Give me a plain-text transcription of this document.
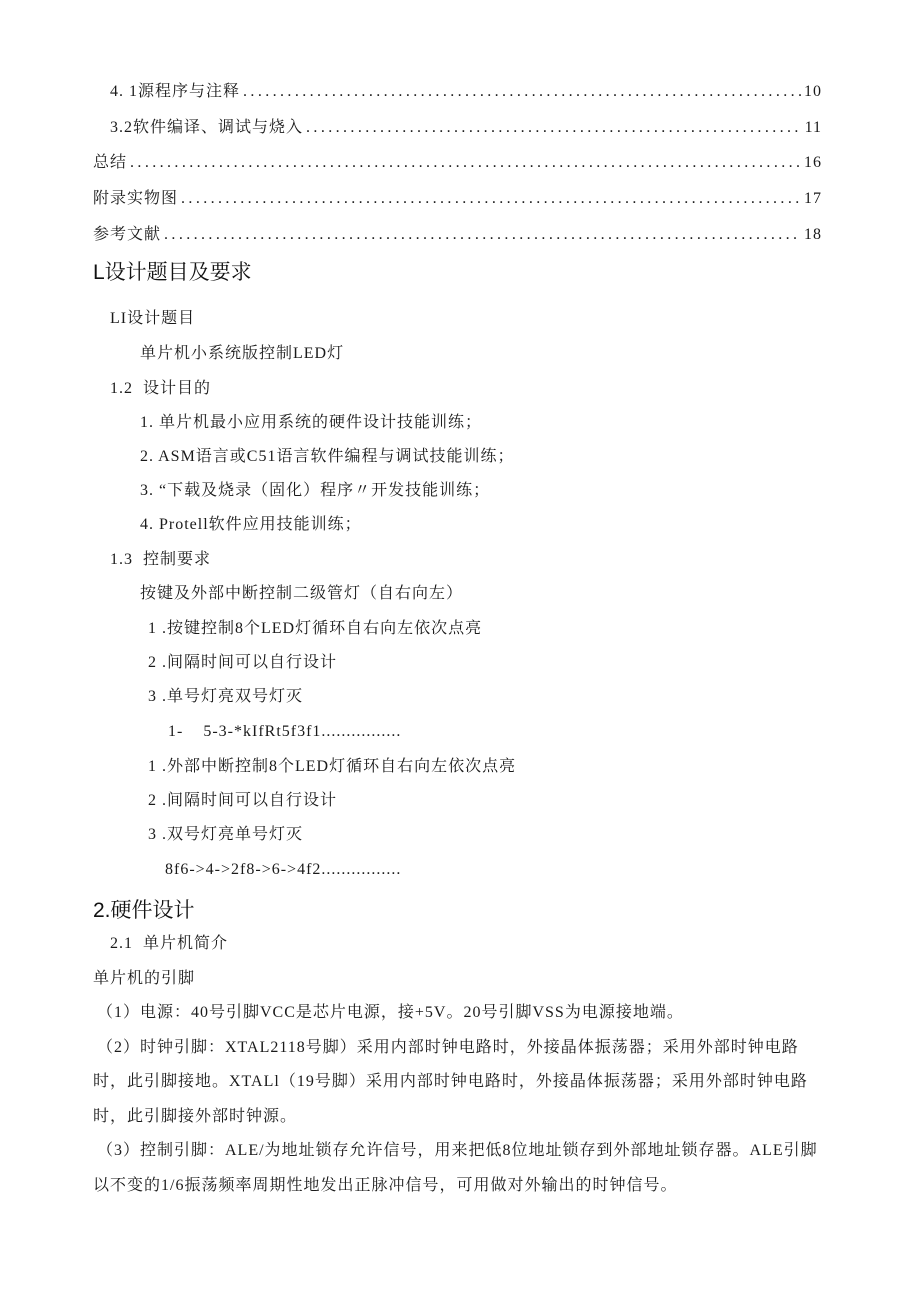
4. 1源程序与注释 .....	10
3.2软件编译、调试与烧入 .....	11
总结 .....	16
附录实物图 .....	17
参考文献 .....	18
L设计题目及要求
LI设计题目
单片机小系统版控制LED灯
1.2  设计目的
1. 单片机最小应用系统的硬件设计技能训练；
2. ASM语言或C51语言软件编程与调试技能训练；
3. “下载及烧录（固化）程序〃开发技能训练；
4. Protell软件应用技能训练；
1.3  控制要求
按键及外部中断控制二级管灯（自右向左）
1 .按键控制8个LED灯循环自右向左依次点亮
2 .间隔时间可以自行设计
3 .单号灯亮双号灯灭
1-    5-3-*kIfRt5f3f1................
1 .外部中断控制8个LED灯循环自右向左依次点亮
2 .间隔时间可以自行设计
3 .双号灯亮单号灯灭
8f6->4->2f8->6->4f2................
2.硬件设计
2.1  单片机简介
单片机的引脚
（1）电源：40号引脚VCC是芯片电源，接+5V。20号引脚VSS为电源接地端。
（2）时钟引脚：XTAL2118号脚）采用内部时钟电路时，外接晶体振荡器；采用外部时钟电路
时，此引脚接地。XTALl（19号脚）采用内部时钟电路时，外接晶体振荡器；采用外部时钟电路
时，此引脚接外部时钟源。
（3）控制引脚：ALE/为地址锁存允许信号，用来把低8位地址锁存到外部地址锁存器。ALE引脚
以不变的1/6振荡频率周期性地发出正脉冲信号，可用做对外输出的时钟信号。
